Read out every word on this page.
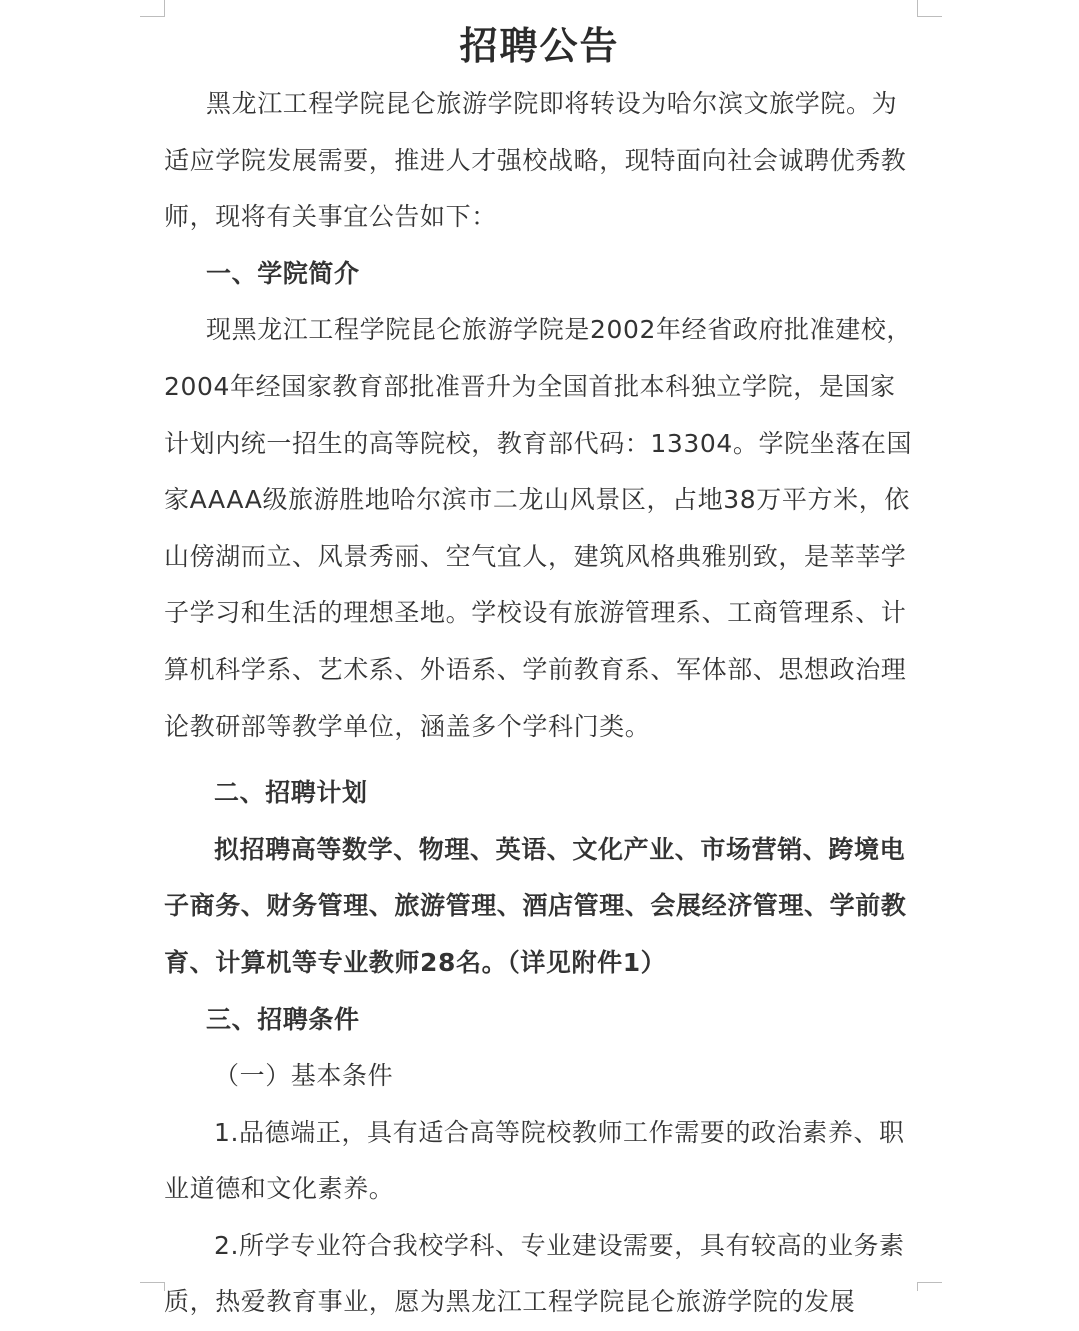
招聘公告

黑龙江工程学院昆仑旅游学院即将转设为哈尔滨文旅学院。为适应学院发展需要，推进人才强校战略，现特面向社会诚聘优秀教师，现将有关事宜公告如下：

一、学院简介

现黑龙江工程学院昆仑旅游学院是2002年经省政府批准建校，2004年经国家教育部批准晋升为全国首批本科独立学院，是国家计划内统一招生的高等院校，教育部代码：13304。学院坐落在国家AAAA级旅游胜地哈尔滨市二龙山风景区，占地38万平方米，依山傍湖而立、风景秀丽、空气宜人，建筑风格典雅别致，是莘莘学子学习和生活的理想圣地。学校设有旅游管理系、工商管理系、计算机科学系、艺术系、外语系、学前教育系、军体部、思想政治理论教研部等教学单位，涵盖多个学科门类。

二、招聘计划

拟招聘高等数学、物理、英语、文化产业、市场营销、跨境电子商务、财务管理、旅游管理、酒店管理、会展经济管理、学前教育、计算机等专业教师28名。（详见附件1）

三、招聘条件

（一）基本条件

1.品德端正，具有适合高等院校教师工作需要的政治素养、职业道德和文化素养。

2.所学专业符合我校学科、专业建设需要，具有较高的业务素质，热爱教育事业，愿为黑龙江工程学院昆仑旅游学院的发展
